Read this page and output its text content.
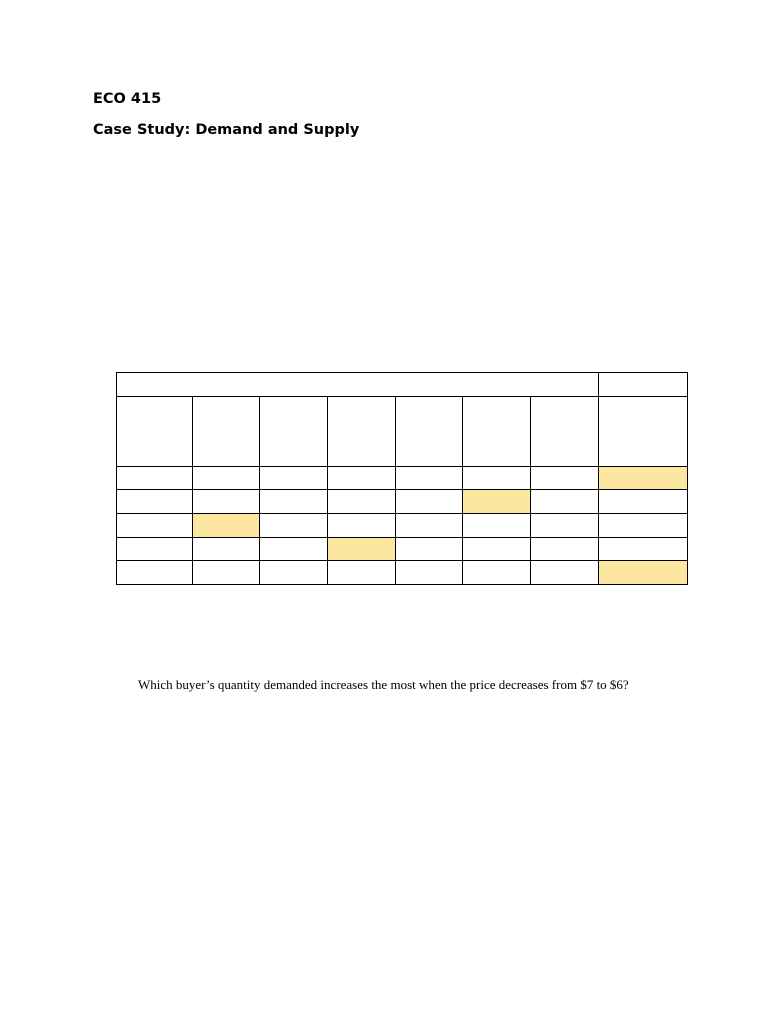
ECO 415
Case Study: Demand and Supply
Which buyer’s quantity demanded increases the most when the price decreases from $7 to $6?
